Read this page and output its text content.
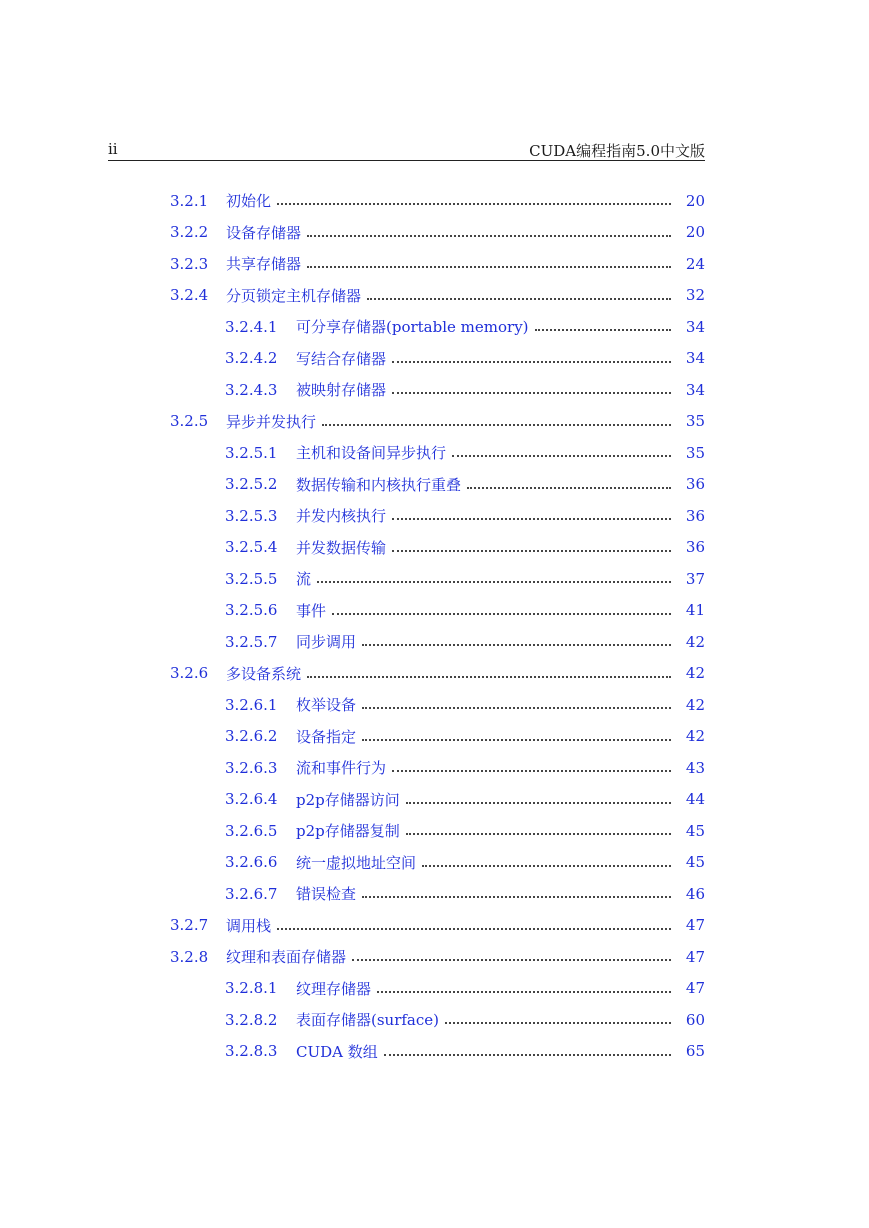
ii	CUDA编程指南5.0中文版
3.2.1	初始化	20
3.2.2	设备存储器	20
3.2.3	共享存储器	24
3.2.4	分页锁定主机存储器	32
3.2.4.1	可分享存储器(portable memory)	34
3.2.4.2	写结合存储器	34
3.2.4.3	被映射存储器	34
3.2.5	异步并发执行	35
3.2.5.1	主机和设备间异步执行	35
3.2.5.2	数据传输和内核执行重叠	36
3.2.5.3	并发内核执行	36
3.2.5.4	并发数据传输	36
3.2.5.5	流	37
3.2.5.6	事件	41
3.2.5.7	同步调用	42
3.2.6	多设备系统	42
3.2.6.1	枚举设备	42
3.2.6.2	设备指定	42
3.2.6.3	流和事件行为	43
3.2.6.4	p2p存储器访问	44
3.2.6.5	p2p存储器复制	45
3.2.6.6	统一虚拟地址空间	45
3.2.6.7	错误检查	46
3.2.7	调用栈	47
3.2.8	纹理和表面存储器	47
3.2.8.1	纹理存储器	47
3.2.8.2	表面存储器(surface)	60
3.2.8.3	CUDA 数组	65
